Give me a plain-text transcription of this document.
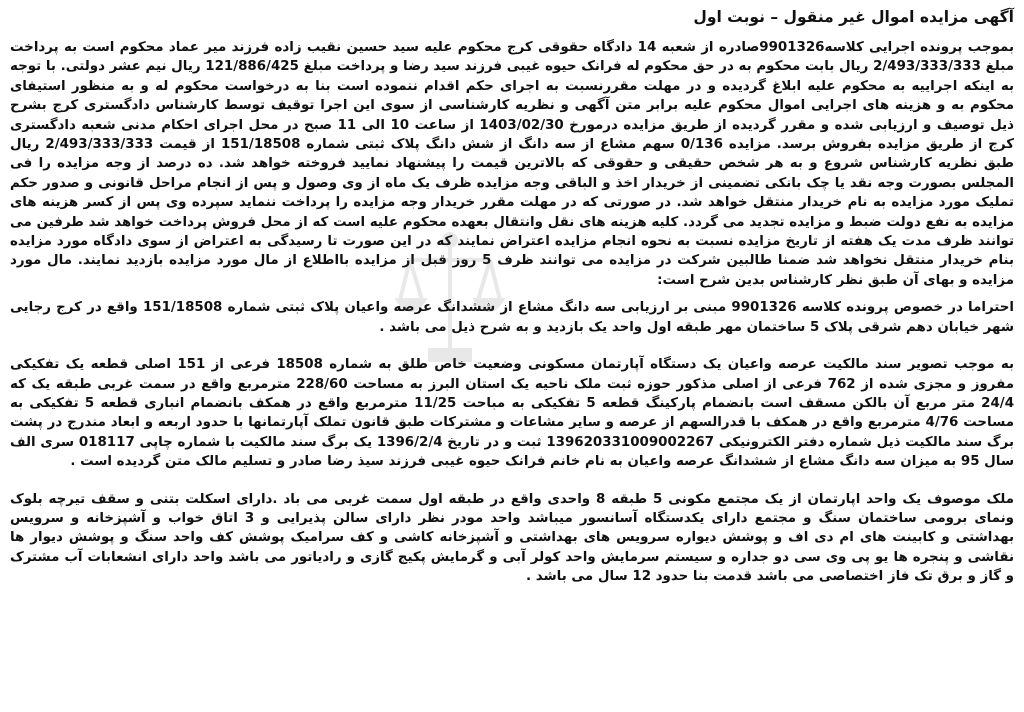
آگهی مزایده اموال غیر منقول – نوبت اول

بموجب پرونده اجرایی کلاسه9901326صادره از شعبه 14 دادگاه حقوقی کرج محکوم علیه سید حسین نقیب زاده فرزند میر عماد محکوم است به پرداخت مبلغ 2/493/333/333 ریال بابت محکوم به در حق محکوم له فرانک حیوه غیبی فرزند سید رضا و پرداخت مبلغ 121/886/425 ریال نیم عشر دولتی. با توجه به اینکه اجراییه به محکوم علیه ابلاغ گردیده و در مهلت مقررنسبت به اجرای حکم اقدام ننموده است بنا به درخواست محکوم له و به منظور استیفای محکوم به و هزینه های اجرایی اموال محکوم علیه برابر متن آگهی و نظریه کارشناسی از سوی این اجرا توقیف توسط کارشناس دادگستری کرج بشرح ذیل توصیف و ارزیابی شده و مقرر گردیده از طریق مزایده درمورخ 1403/02/30 از ساعت 10 الی 11 صبح در محل اجرای احکام مدنی شعبه دادگستری کرج از طریق مزایده بفروش برسد. مزایده 0/136 سهم مشاع از سه دانگ از شش دانگ پلاک ثبتی شماره 151/18508 از قیمت 2/493/333/333 ریال طبق نظریه کارشناس شروع و به هر شخص حقیقی و حقوقی که بالاترین قیمت را پیشنهاد نمایید فروخته خواهد شد. ده درصد از وجه مزایده را فی المجلس بصورت وجه نقد یا چک بانکی تضمینی از خریدار اخذ و الباقی وجه مزایده ظرف یک ماه از وی وصول و پس از انجام مراحل قانونی و صدور حکم تملیک مورد مزایده به نام خریدار منتقل خواهد شد. در صورتی که در مهلت مقرر خریدار وجه مزایده را پرداخت ننماید سپرده وی پس از کسر هزینه های مزایده به نفع دولت ضبط و مزایده تجدید می گردد. کلیه هزینه های نقل وانتقال بعهده محکوم علیه است که از محل فروش پرداخت خواهد شد طرفین می توانند ظرف مدت یک هفته از تاریخ مزایده نسبت به نحوه انجام مزایده اعتراض نمایند که در این صورت تا رسیدگی به اعتراض از سوی دادگاه مورد مزایده بنام خریدار منتقل نخواهد شد ضمنا طالبین شرکت در مزایده می توانند ظرف 5 روز قبل از مزایده بااطلاع از مال مورد مزایده بازدید نمایند. مال مورد مزایده و بهای آن طبق نظر کارشناس بدین شرح است:

احتراما در خصوص پرونده کلاسه 9901326 مبنی بر ارزیابی سه دانگ مشاع از ششدانگ عرصه واعیان پلاک ثبتی شماره 151/18508 واقع در کرج رجایی شهر خیابان دهم شرقی پلاک 5 ساختمان مهر طبقه اول واحد یک بازدید و به شرح ذیل می باشد .

به موجب تصویر سند مالکیت عرصه واعیان یک دستگاه آپارتمان مسکونی وضعیت خاص طلق به شماره 18508 فرعی از 151 اصلی قطعه یک تفکیکی مفروز و مجزی شده از 762 فرعی از اصلی مذکور حوزه ثبت ملک ناحیه یک استان البرز به مساحت 228/60 مترمربع واقع در سمت غربی طبقه یک که 24/4 متر مربع آن بالکن مسقف است بانضمام پارکینگ قطعه 5 تفکیکی به مباحت 11/25 مترمربع واقع در همکف بانضمام انباری قطعه 5 تفکیکی به مساحت 4/76 مترمربع واقع در همکف با قدرالسهم از عرصه و سایر مشاعات و مشترکات طبق قانون تملک آپارتمانها با حدود اربعه و ابعاد مندرج در پشت برگ سند مالکیت ذیل شماره دفتر الکترونیکی 139620331009002267 ثبت و در تاریخ 1396/2/4 یک برگ سند مالکیت با شماره چاپی 018117 سری الف سال 95 به میزان سه دانگ مشاع از ششدانگ عرصه واعیان به نام خانم فرانک حیوه غیبی فرزند سیذ رضا صادر و تسلیم مالک متن گردیده است .

ملک موصوف یک واحد اپارتمان از یک مجتمع مکونی 5 طبقه 8 واحدی واقع در طبقه اول سمت غربی می باد .دارای اسکلت بتنی و سقف تیرچه بلوک ونمای برومی ساختمان سنگ و مجتمع دارای یکدستگاه آسانسور میباشد واحد مودر نظر دارای سالن پذیرایی و 3 اتاق خواب و آشپزخانه و سرویس بهداشتی و کابینت های ام دی اف و پوشش دیواره سرویس های بهداشتی و آشپزخانه کاشی و کف سرامیک پوشش کف واحد سنگ و پوشش دیوار ها نقاشی و پنجره ها یو پی وی سی دو جداره و سیستم سرمایش واحد کولر آبی و گرمایش پکیج گازی و رادیاتور می باشد واحد دارای انشعابات آب مشترک و گاز و برق تک فاز اختصاصی می باشد قدمت بنا حدود 12 سال می باشد .
